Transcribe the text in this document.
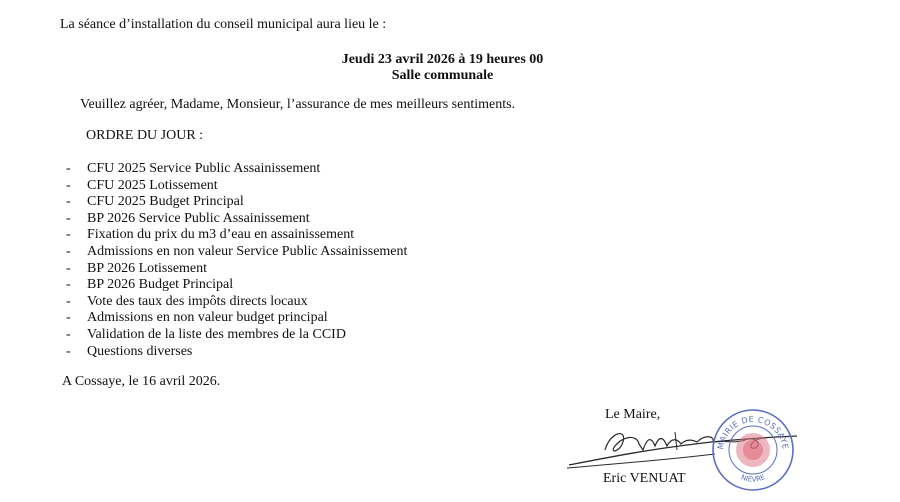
La séance d’installation du conseil municipal aura lieu le :
Jeudi 23 avril 2026 à 19 heures 00
Salle communale
Veuillez agréer, Madame, Monsieur, l’assurance de mes meilleurs sentiments.
ORDRE DU JOUR :
- CFU 2025 Service Public Assainissement
- CFU 2025 Lotissement
- CFU 2025 Budget Principal
- BP 2026 Service Public Assainissement
- Fixation du prix du m3 d’eau en assainissement
- Admissions en non valeur Service Public Assainissement
- BP 2026 Lotissement
- BP 2026 Budget Principal
- Vote des taux des impôts directs locaux
- Admissions en non valeur budget principal
- Validation de la liste des membres de la CCID
- Questions diverses
A Cossaye, le 16 avril 2026.
Le Maire,
MAIRIE DE COSSAYE
NIEVRE
Eric VENUAT
